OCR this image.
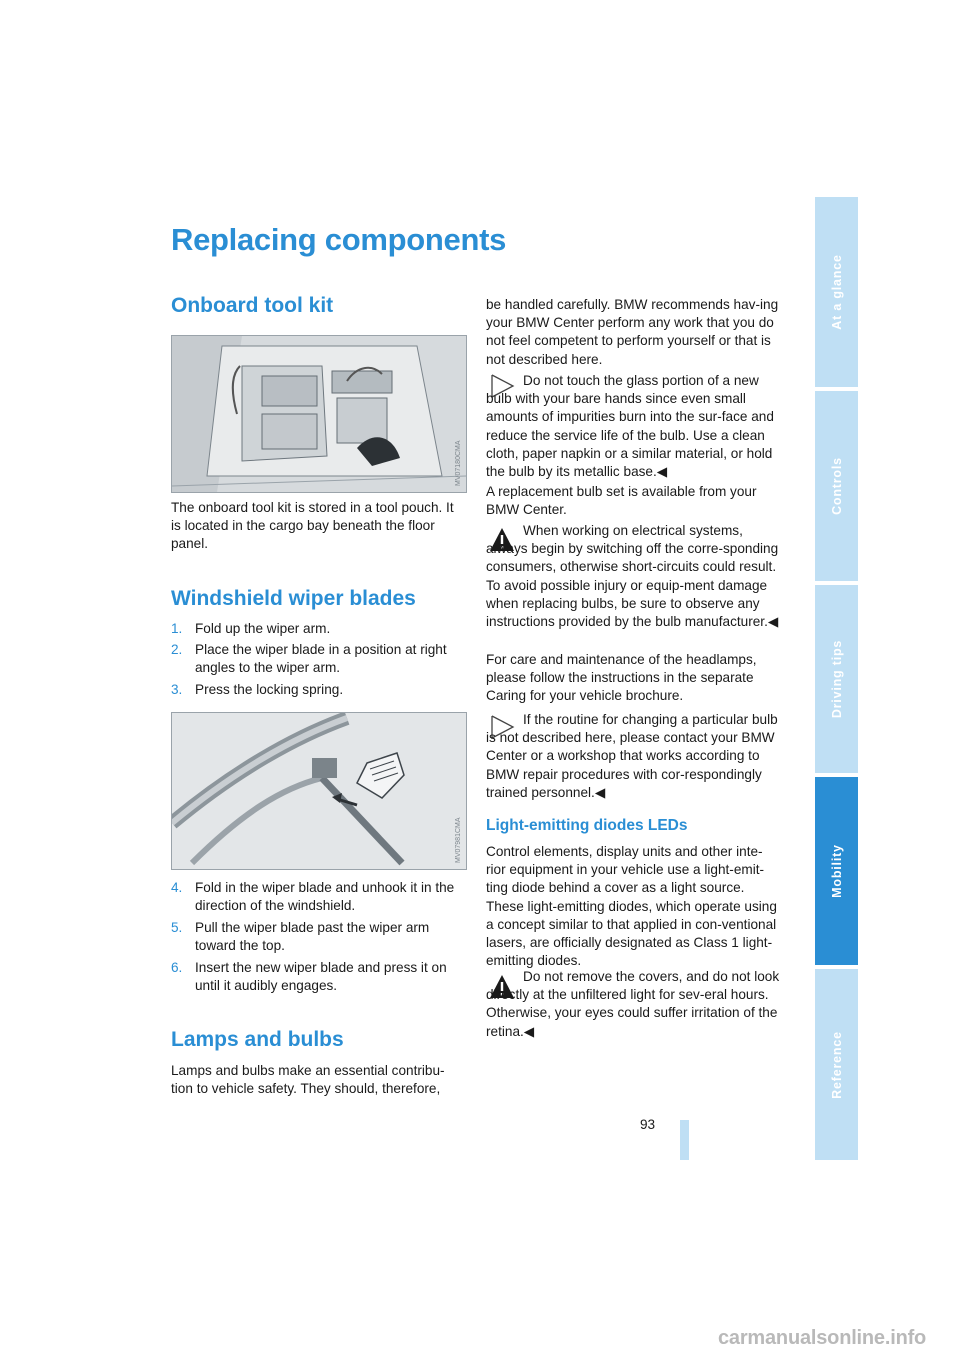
Replacing components
Onboard tool kit
MV07180CMA

The onboard tool kit is stored in a tool pouch. It is located in the cargo bay beneath the floor panel.

Windshield wiper blades
1. Fold up the wiper arm.
2. Place the wiper blade in a position at right angles to the wiper arm.
3. Press the locking spring.
MV07981CMA
4. Fold in the wiper blade and unhook it in the direction of the windshield.
5. Pull the wiper blade past the wiper arm toward the top.
6. Insert the new wiper blade and press it on until it audibly engages.
Lamps and bulbs

Lamps and bulbs make an essential contribu-tion to vehicle safety. They should, therefore,

be handled carefully. BMW recommends hav-ing your BMW Center perform any work that you do not feel competent to perform yourself or that is not described here.

Do not touch the glass portion of a new bulb with your bare hands since even small amounts of impurities burn into the sur-face and reduce the service life of the bulb. Use a clean cloth, paper napkin or a similar material, or hold the bulb by its metallic base.◀

A replacement bulb set is available from your BMW Center.

When working on electrical systems, always begin by switching off the corre-sponding consumers, otherwise short-circuits could result. To avoid possible injury or equip-ment damage when replacing bulbs, be sure to observe any instructions provided by the bulb manufacturer.◀

For care and maintenance of the headlamps, please follow the instructions in the separate Caring for your vehicle brochure.

If the routine for changing a particular bulb is not described here, please contact your BMW Center or a workshop that works according to BMW repair procedures with cor-respondingly trained personnel.◀

Light-emitting diodes LEDs

Control elements, display units and other inte-rior equipment in your vehicle use a light-emit-ting diode behind a cover as a light source. These light-emitting diodes, which operate using a concept similar to that applied in con-ventional lasers, are officially designated as Class 1 light-emitting diodes.

Do not remove the covers, and do not look directly at the unfiltered light for sev-eral hours. Otherwise, your eyes could suffer irritation of the retina.◀

At a glance
Controls
Driving tips
Mobility
Reference
93
carmanualsonline.info
